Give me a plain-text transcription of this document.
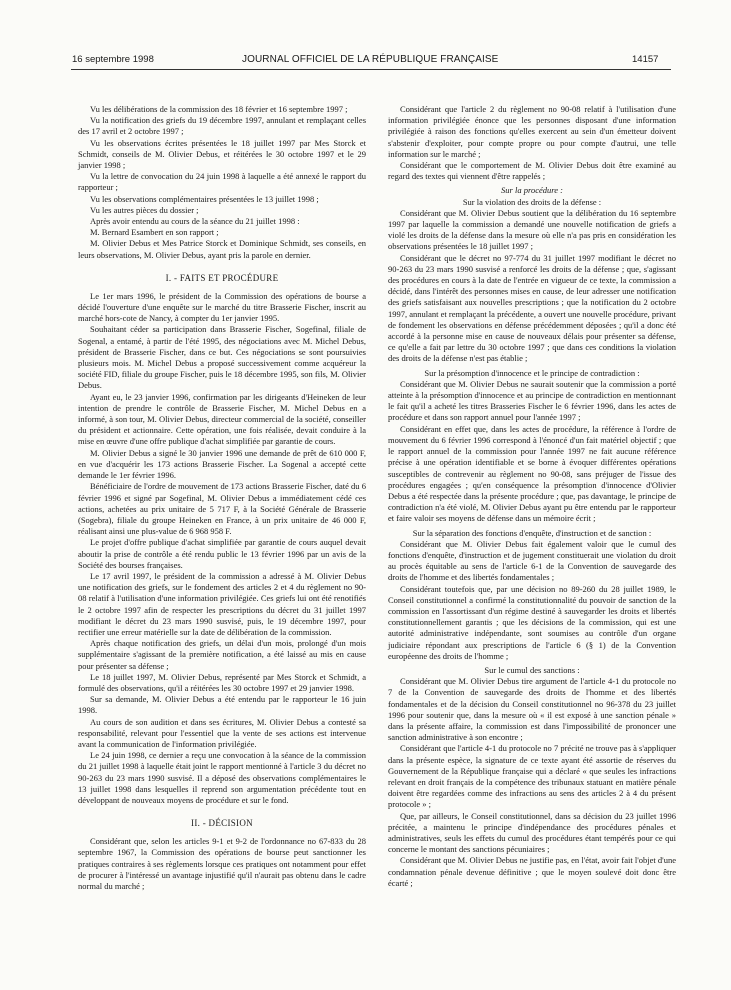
16 septembre 1998	JOURNAL OFFICIEL DE LA RÉPUBLIQUE FRANÇAISE	14157

Vu les délibérations de la commission des 18 février et 16 septembre 1997 ;

Vu la notification des griefs du 19 décembre 1997, annulant et remplaçant celles des 17 avril et 2 octobre 1997 ;

Vu les observations écrites présentées le 18 juillet 1997 par Mes Storck et Schmidt, conseils de M. Olivier Debus, et réitérées le 30 octobre 1997 et le 29 janvier 1998 ;

Vu la lettre de convocation du 24 juin 1998 à laquelle a été annexé le rapport du rapporteur ;

Vu les observations complémentaires présentées le 13 juillet 1998 ;

Vu les autres pièces du dossier ;

Après avoir entendu au cours de la séance du 21 juillet 1998 :

M. Bernard Esambert en son rapport ;

M. Olivier Debus et Mes Patrice Storck et Dominique Schmidt, ses conseils, en leurs observations, M. Olivier Debus, ayant pris la parole en dernier.

I. - FAITS ET PROCÉDURE

Le 1er mars 1996, le président de la Commission des opérations de bourse a décidé l'ouverture d'une enquête sur le marché du titre Brasserie Fischer, inscrit au marché hors-cote de Nancy, à compter du 1er janvier 1995.

Souhaitant céder sa participation dans Brasserie Fischer, Sogefinal, filiale de Sogenal, a entamé, à partir de l'été 1995, des négociations avec M. Michel Debus, président de Brasserie Fischer, dans ce but. Ces négociations se sont poursuivies plusieurs mois. M. Michel Debus a proposé successivement comme acquéreur la société FID, filiale du groupe Fischer, puis le 18 décembre 1995, son fils, M. Olivier Debus.

Ayant eu, le 23 janvier 1996, confirmation par les dirigeants d'Heineken de leur intention de prendre le contrôle de Brasserie Fischer, M. Michel Debus en a informé, à son tour, M. Olivier Debus, directeur commercial de la société, conseiller du président et actionnaire. Cette opération, une fois réalisée, devait conduire à la mise en œuvre d'une offre publique d'achat simplifiée par garantie de cours.

M. Olivier Debus a signé le 30 janvier 1996 une demande de prêt de 610 000 F, en vue d'acquérir les 173 actions Brasserie Fischer. La Sogenal a accepté cette demande le 1er février 1996.

Bénéficiaire de l'ordre de mouvement de 173 actions Brasserie Fischer, daté du 6 février 1996 et signé par Sogefinal, M. Olivier Debus a immédiatement cédé ces actions, achetées au prix unitaire de 5 717 F, à la Société Générale de Brasserie (Sogebra), filiale du groupe Heineken en France, à un prix unitaire de 46 000 F, réalisant ainsi une plus-value de 6 968 958 F.

Le projet d'offre publique d'achat simplifiée par garantie de cours auquel devait aboutir la prise de contrôle a été rendu public le 13 février 1996 par un avis de la Société des bourses françaises.

Le 17 avril 1997, le président de la commission a adressé à M. Olivier Debus une notification des griefs, sur le fondement des articles 2 et 4 du règlement no 90-08 relatif à l'utilisation d'une information privilégiée. Ces griefs lui ont été renotifiés le 2 octobre 1997 afin de respecter les prescriptions du décret du 31 juillet 1997 modifiant le décret du 23 mars 1990 susvisé, puis, le 19 décembre 1997, pour rectifier une erreur matérielle sur la date de délibération de la commission.

Après chaque notification des griefs, un délai d'un mois, prolongé d'un mois supplémentaire s'agissant de la première notification, a été laissé au mis en cause pour présenter sa défense ;

Le 18 juillet 1997, M. Olivier Debus, représenté par Mes Storck et Schmidt, a formulé des observations, qu'il a réitérées les 30 octobre 1997 et 29 janvier 1998.

Sur sa demande, M. Olivier Debus a été entendu par le rapporteur le 16 juin 1998.

Au cours de son audition et dans ses écritures, M. Olivier Debus a contesté sa responsabilité, relevant pour l'essentiel que la vente de ses actions est intervenue avant la communication de l'information privilégiée.

Le 24 juin 1998, ce dernier a reçu une convocation à la séance de la commission du 21 juillet 1998 à laquelle était joint le rapport mentionné à l'article 3 du décret no 90-263 du 23 mars 1990 susvisé. Il a déposé des observations complémentaires le 13 juillet 1998 dans lesquelles il reprend son argumentation précédente tout en développant de nouveaux moyens de procédure et sur le fond.

II. - DÉCISION

Considérant que, selon les articles 9-1 et 9-2 de l'ordonnance no 67-833 du 28 septembre 1967, la Commission des opérations de bourse peut sanctionner les pratiques contraires à ses règlements lorsque ces pratiques ont notamment pour effet de procurer à l'intéressé un avantage injustifié qu'il n'aurait pas obtenu dans le cadre normal du marché ;

Considérant que l'article 2 du règlement no 90-08 relatif à l'utilisation d'une information privilégiée énonce que les personnes disposant d'une information privilégiée à raison des fonctions qu'elles exercent au sein d'un émetteur doivent s'abstenir d'exploiter, pour compte propre ou pour compte d'autrui, une telle information sur le marché ;

Considérant que le comportement de M. Olivier Debus doit être examiné au regard des textes qui viennent d'être rappelés ;

Sur la procédure :

Sur la violation des droits de la défense :

Considérant que M. Olivier Debus soutient que la délibération du 16 septembre 1997 par laquelle la commission a demandé une nouvelle notification de griefs a violé les droits de la défense dans la mesure où elle n'a pas pris en considération les observations présentées le 18 juillet 1997 ;

Considérant que le décret no 97-774 du 31 juillet 1997 modifiant le décret no 90-263 du 23 mars 1990 susvisé a renforcé les droits de la défense ; que, s'agissant des procédures en cours à la date de l'entrée en vigueur de ce texte, la commission a décidé, dans l'intérêt des personnes mises en cause, de leur adresser une notification des griefs satisfaisant aux nouvelles prescriptions ; que la notification du 2 octobre 1997, annulant et remplaçant la précédente, a ouvert une nouvelle procédure, privant de fondement les observations en défense précédemment déposées ; qu'il a donc été accordé à la personne mise en cause de nouveaux délais pour présenter sa défense, ce qu'elle a fait par lettre du 30 octobre 1997 ; que dans ces conditions la violation des droits de la défense n'est pas établie ;

Sur la présomption d'innocence et le principe de contradiction :

Considérant que M. Olivier Debus ne saurait soutenir que la commission a porté atteinte à la présomption d'innocence et au principe de contradiction en mentionnant le fait qu'il a acheté les titres Brasseries Fischer le 6 février 1996, dans les actes de procédure et dans son rapport annuel pour l'année 1997 ;

Considérant en effet que, dans les actes de procédure, la référence à l'ordre de mouvement du 6 février 1996 correspond à l'énoncé d'un fait matériel objectif ; que le rapport annuel de la commission pour l'année 1997 ne fait aucune référence précise à une opération identifiable et se borne à évoquer différentes opérations susceptibles de contrevenir au règlement no 90-08, sans préjuger de l'issue des procédures engagées ; qu'en conséquence la présomption d'innocence d'Olivier Debus a été respectée dans la présente procédure ; que, pas davantage, le principe de contradiction n'a été violé, M. Olivier Debus ayant pu être entendu par le rapporteur et faire valoir ses moyens de défense dans un mémoire écrit ;

Sur la séparation des fonctions d'enquête, d'instruction et de sanction :

Considérant que M. Olivier Debus fait également valoir que le cumul des fonctions d'enquête, d'instruction et de jugement constituerait une violation du droit au procès équitable au sens de l'article 6-1 de la Convention de sauvegarde des droits de l'homme et des libertés fondamentales ;

Considérant toutefois que, par une décision no 89-260 du 28 juillet 1989, le Conseil constitutionnel a confirmé la constitutionnalité du pouvoir de sanction de la commission en l'assortissant d'un régime destiné à sauvegarder les droits et libertés constitutionnellement garantis ; que les décisions de la commission, qui est une autorité administrative indépendante, sont soumises au contrôle d'un organe judiciaire répondant aux prescriptions de l'article 6 (§ 1) de la Convention européenne des droits de l'homme ;

Sur le cumul des sanctions :

Considérant que M. Olivier Debus tire argument de l'article 4-1 du protocole no 7 de la Convention de sauvegarde des droits de l'homme et des libertés fondamentales et de la décision du Conseil constitutionnel no 96-378 du 23 juillet 1996 pour soutenir que, dans la mesure où « il est exposé à une sanction pénale » dans la présente affaire, la commission est dans l'impossibilité de prononcer une sanction administrative à son encontre ;

Considérant que l'article 4-1 du protocole no 7 précité ne trouve pas à s'appliquer dans la présente espèce, la signature de ce texte ayant été assortie de réserves du Gouvernement de la République française qui a déclaré « que seules les infractions relevant en droit français de la compétence des tribunaux statuant en matière pénale doivent être regardées comme des infractions au sens des articles 2 à 4 du présent protocole » ;

Que, par ailleurs, le Conseil constitutionnel, dans sa décision du 23 juillet 1996 précitée, a maintenu le principe d'indépendance des procédures pénales et administratives, seuls les effets du cumul des procédures étant tempérés pour ce qui concerne le montant des sanctions pécuniaires ;

Considérant que M. Olivier Debus ne justifie pas, en l'état, avoir fait l'objet d'une condamnation pénale devenue définitive ; que le moyen soulevé doit donc être écarté ;
